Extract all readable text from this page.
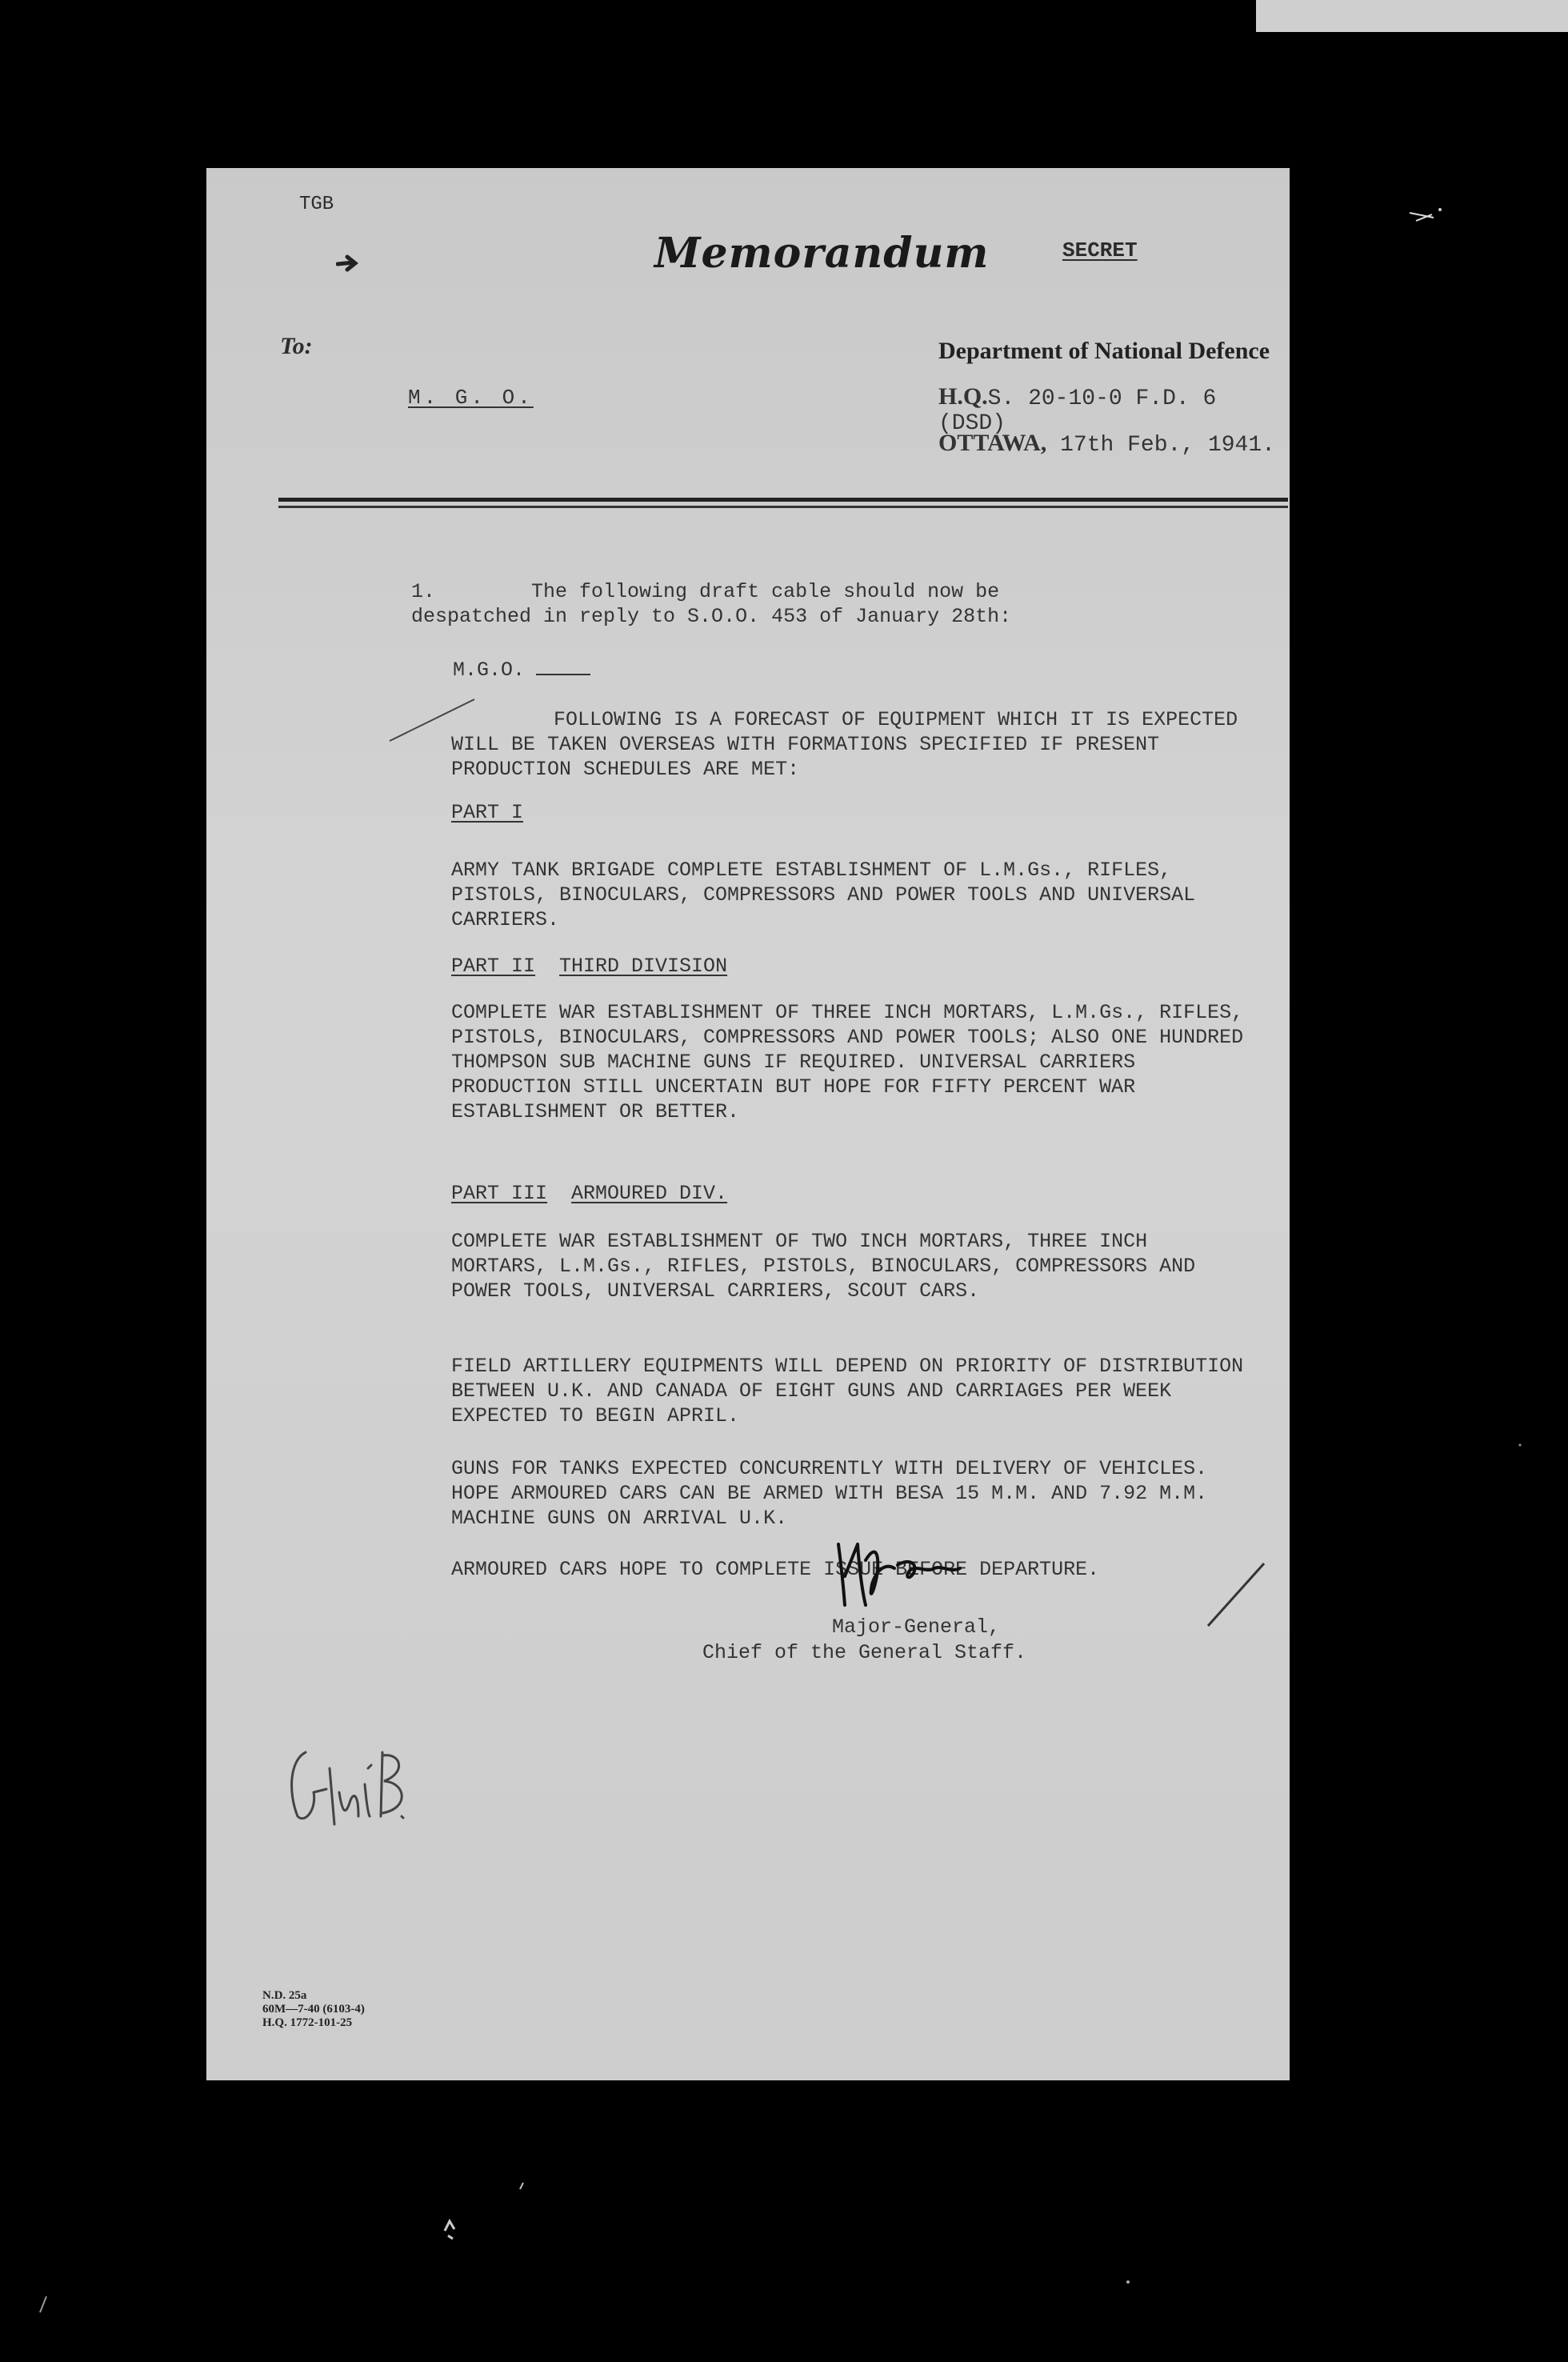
TGB
Memorandum	SECRET
To:
M. G. O.
Department of National Defence
H.Q.S. 20-10-0 F.D. 6 (DSD)
OTTAWA, 17th Feb., 1941.
1.        The following draft cable should now be
despatched in reply to S.O.O. 453 of January 28th:
M.G.O.
FOLLOWING IS A FORECAST OF EQUIPMENT WHICH IT IS EXPECTED WILL BE TAKEN OVERSEAS WITH FORMATIONS SPECIFIED IF PRESENT PRODUCTION SCHEDULES ARE MET:
PART I
ARMY TANK BRIGADE COMPLETE ESTABLISHMENT OF L.M.Gs., RIFLES, PISTOLS, BINOCULARS, COMPRESSORS AND POWER TOOLS AND UNIVERSAL CARRIERS.
PART II THIRD DIVISION
COMPLETE WAR ESTABLISHMENT OF THREE INCH MORTARS, L.M.Gs., RIFLES, PISTOLS, BINOCULARS, COMPRESSORS AND POWER TOOLS; ALSO ONE HUNDRED THOMPSON SUB MACHINE GUNS IF REQUIRED. UNIVERSAL CARRIERS PRODUCTION STILL UNCERTAIN BUT HOPE FOR FIFTY PERCENT WAR ESTABLISHMENT OR BETTER.
PART III ARMOURED DIV.
COMPLETE WAR ESTABLISHMENT OF TWO INCH MORTARS, THREE INCH MORTARS, L.M.Gs., RIFLES, PISTOLS, BINOCULARS, COMPRESSORS AND POWER TOOLS, UNIVERSAL CARRIERS, SCOUT CARS.
FIELD ARTILLERY EQUIPMENTS WILL DEPEND ON PRIORITY OF DISTRIBUTION BETWEEN U.K. AND CANADA OF EIGHT GUNS AND CARRIAGES PER WEEK EXPECTED TO BEGIN APRIL.
GUNS FOR TANKS EXPECTED CONCURRENTLY WITH DELIVERY OF VEHICLES. HOPE ARMOURED CARS CAN BE ARMED WITH BESA 15 M.M. AND 7.92 M.M. MACHINE GUNS ON ARRIVAL U.K.
ARMOURED CARS HOPE TO COMPLETE ISSUE BEFORE DEPARTURE.
Major-General,
Chief of the General Staff.
N.D. 25a
60M—7-40 (6103-4)
H.Q. 1772-101-25
